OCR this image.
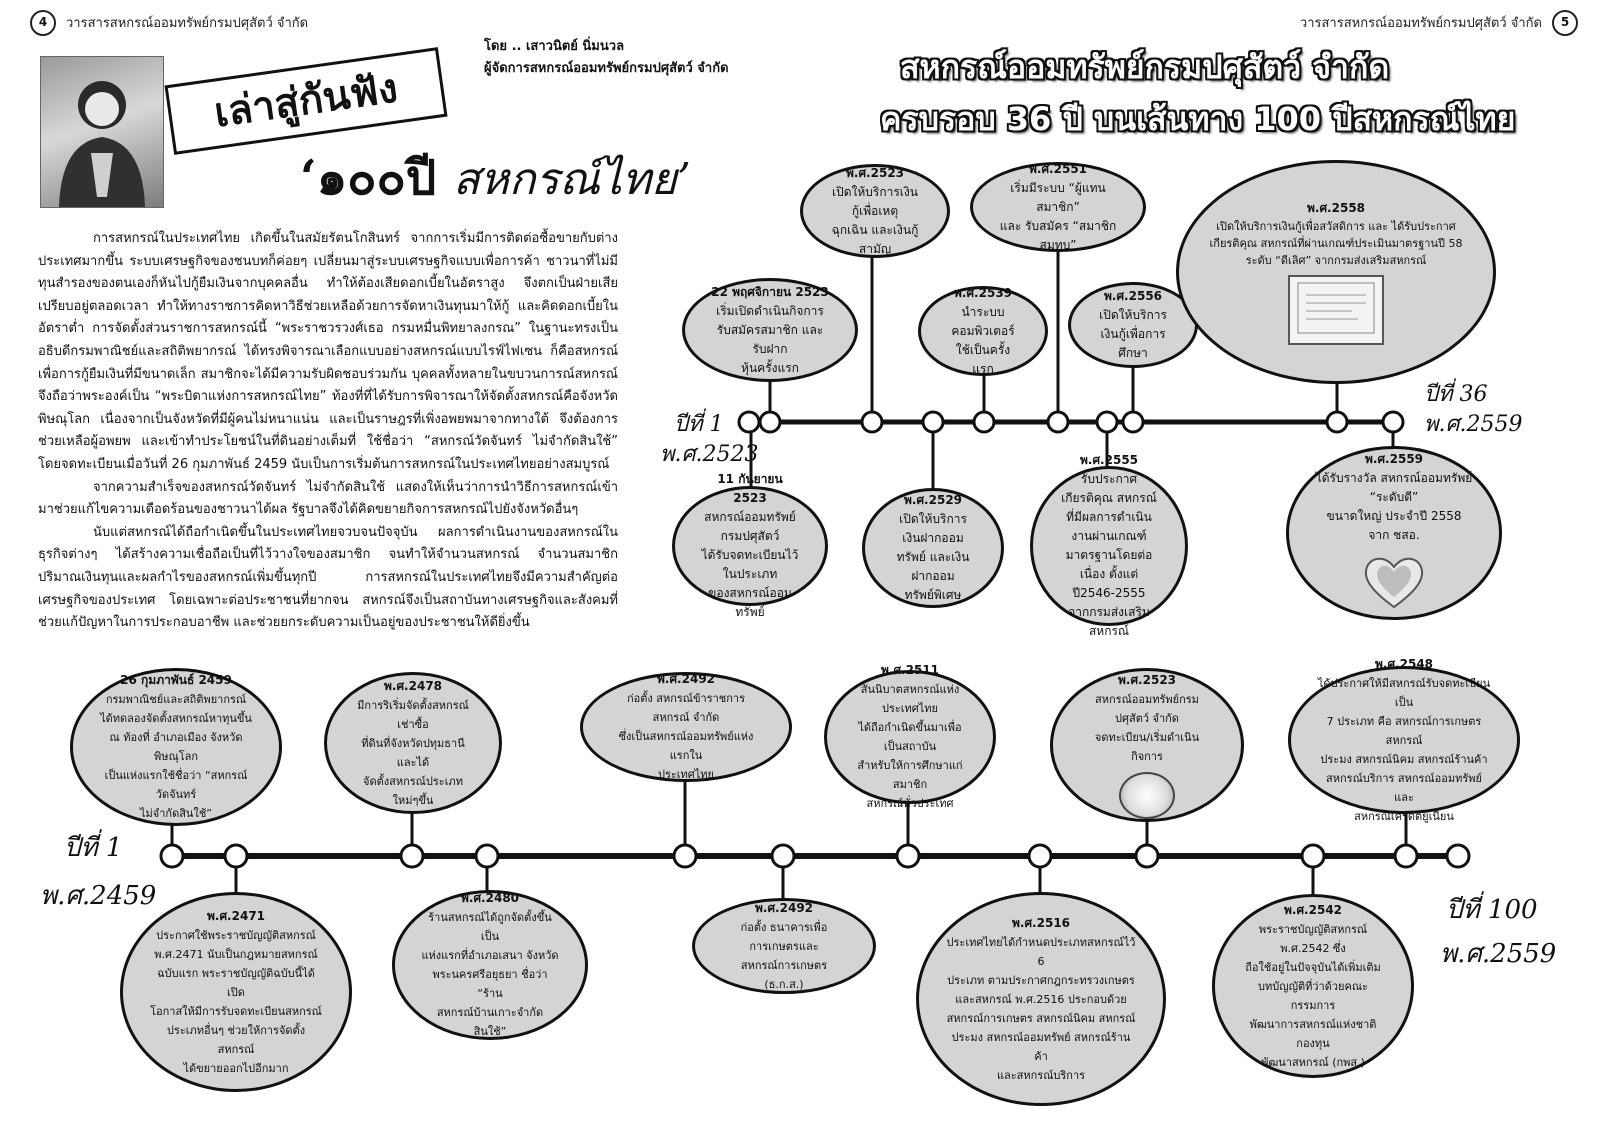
4	วารสารสหกรณ์ออมทรัพย์กรมปศุสัตว์ จำกัด	วารสารสหกรณ์ออมทรัพย์กรมปศุสัตว์ จำกัด	5
โดย .. เสาวนิตย์ นิ่มนวล
ผู้จัดการสหกรณ์ออมทรัพย์กรมปศุสัตว์ จำกัด
เล่าสู่กันฟัง
‘๑๐๐ปี สหกรณ์ไทย’

การสหกรณ์ในประเทศไทย เกิดขึ้นในสมัยรัตนโกสินทร์ จากการเริ่มมีการติดต่อซื้อขายกับต่างประเทศมากขึ้น ระบบเศรษฐกิจของชนบทก็ค่อยๆ เปลี่ยนมาสู่ระบบเศรษฐกิจแบบเพื่อการค้า ชาวนาที่ไม่มีทุนสำรองของตนเองก็หันไปกู้ยืมเงินจากบุคคลอื่น ทำให้ต้องเสียดอกเบี้ยในอัตราสูง จึงตกเป็นฝ่ายเสียเปรียบอยู่ตลอดเวลา ทำให้ทางราชการคิดหาวิธีช่วยเหลือด้วยการจัดหาเงินทุนมาให้กู้ และคิดดอกเบี้ยในอัตราต่ำ การจัดตั้งส่วนราชการสหกรณ์นี้ “พระราชวรวงศ์เธอ กรมหมื่นพิทยาลงกรณ” ในฐานะทรงเป็นอธิบดีกรมพาณิชย์และสถิติพยากรณ์ ได้ทรงพิจารณาเลือกแบบอย่างสหกรณ์แบบไรฟ์ไฟเซน ก็คือสหกรณ์เพื่อการกู้ยืมเงินที่มีขนาดเล็ก สมาชิกจะได้มีความรับผิดชอบร่วมกัน บุคคลทั้งหลายในขบวนการณ์สหกรณ์ จึงถือว่าพระองค์เป็น “พระบิดาแห่งการสหกรณ์ไทย” ท้องที่ที่ได้รับการพิจารณาให้จัดตั้งสหกรณ์คือจังหวัดพิษณุโลก เนื่องจากเป็นจังหวัดที่มีผู้คนไม่หนาแน่น และเป็นราษฎรที่เพิ่งอพยพมาจากทางใต้ จึงต้องการช่วยเหลือผู้อพยพ และเข้าทำประโยชน์ในที่ดินอย่างเต็มที่ ใช้ชื่อว่า “สหกรณ์วัดจันทร์ ไม่จำกัดสินใช้” โดยจดทะเบียนเมื่อวันที่ 26 กุมภาพันธ์ 2459 นับเป็นการเริ่มต้นการสหกรณ์ในประเทศไทยอย่างสมบูรณ์

จากความสำเร็จของสหกรณ์วัดจันทร์ ไม่จำกัดสินใช้ แสดงให้เห็นว่าการนำวิธีการสหกรณ์เข้ามาช่วยแก้ไขความเดือดร้อนของชาวนาได้ผล รัฐบาลจึงได้คิดขยายกิจการสหกรณ์ไปยังจังหวัดอื่นๆ

นับแต่สหกรณ์ได้ถือกำเนิดขึ้นในประเทศไทยจวบจนปัจจุบัน ผลการดำเนินงานของสหกรณ์ในธุรกิจต่างๆ ได้สร้างความเชื่อถือเป็นที่ไว้วางใจของสมาชิก จนทำให้จำนวนสหกรณ์ จำนวนสมาชิก ปริมาณเงินทุนและผลกำไรของสหกรณ์เพิ่มขึ้นทุกปี การสหกรณ์ในประเทศไทยจึงมีความสำคัญต่อเศรษฐกิจของประเทศ โดยเฉพาะต่อประชาชนที่ยากจน สหกรณ์จึงเป็นสถาบันทางเศรษฐกิจและสังคมที่ช่วยแก้ปัญหาในการประกอบอาชีพ และช่วยยกระดับความเป็นอยู่ของประชาชนให้ดียิ่งขึ้น

สหกรณ์ออมทรัพย์กรมปศุสัตว์ จำกัด
ครบรอบ 36 ปี บนเส้นทาง 100 ปีสหกรณ์ไทย
ปีที่ 1
พ.ศ.2523
ปีที่ 36
พ.ศ.2559
พ.ศ.2523
เปิดให้บริการเงินกู้เพื่อเหตุ
ฉุกเฉิน และเงินกู้สามัญ
22 พฤศจิกายน 2523
เริ่มเปิดดำเนินกิจการ
รับสมัครสมาชิก และรับฝาก
หุ้นครั้งแรก
พ.ศ.2551
เริ่มมีระบบ “ผู้แทนสมาชิก”
และ รับสมัคร “สมาชิกสมทบ”
พ.ศ.2539
นำระบบคอมพิวเตอร์
ใช้เป็นครั้งแรก
พ.ศ.2556
เปิดให้บริการ
เงินกู้เพื่อการศึกษา
พ.ศ.2558
เปิดให้บริการเงินกู้เพื่อสวัสดิการ และ ได้รับประกาศ
เกียรติคุณ สหกรณ์ที่ผ่านเกณฑ์ประเมินมาตรฐานปี 58
ระดับ “ดีเลิศ” จากกรมส่งเสริมสหกรณ์
11 กันยายน 2523
สหกรณ์ออมทรัพย์กรมปศุสัตว์
ได้รับจดทะเบียนไว้ในประเภท
ของสหกรณ์ออมทรัพย์
พ.ศ.2529
เปิดให้บริการเงินฝากออม
ทรัพย์ และเงินฝากออม
ทรัพย์พิเศษ
พ.ศ.2555
รับประกาศเกียรติคุณ สหกรณ์
ที่มีผลการดำเนินงานผ่านเกณฑ์
มาตรฐานโดยต่อเนื่อง ตั้งแต่
ปี2546-2555
จากกรมส่งเสริมสหกรณ์
พ.ศ.2559
ได้รับรางวัล สหกรณ์ออมทรัพย์ “ระดับดี”
ขนาดใหญ่ ประจำปี 2558 จาก ชสอ.
ปีที่ 1
พ.ศ.2459	ปีที่ 100
พ.ศ.2559
26 กุมภาพันธ์ 2459
กรมพาณิชย์และสถิติพยากรณ์
ได้ทดลองจัดตั้งสหกรณ์หาทุนขึ้น
ณ ท้องที่ อำเภอเมือง จังหวัดพิษณุโลก
เป็นแห่งแรกใช้ชื่อว่า “สหกรณ์วัดจันทร์
ไม่จำกัดสินใช้”
พ.ศ.2478
มีการริเริ่มจัดตั้งสหกรณ์เช่าซื้อ
ที่ดินที่จังหวัดปทุมธานี และได้
จัดตั้งสหกรณ์ประเภทใหม่ๆขึ้น
พ.ศ.2492
ก่อตั้ง สหกรณ์ข้าราชการสหกรณ์ จำกัด
ซึ่งเป็นสหกรณ์ออมทรัพย์แห่งแรกใน
ประเทศไทย
พ.ศ.2511
สันนิบาตสหกรณ์แห่งประเทศไทย
ได้ถือกำเนิดขึ้นมาเพื่อเป็นสถาบัน
สำหรับให้การศึกษาแก่สมาชิก
สหกรณ์ทั่วประเทศ
พ.ศ.2523
สหกรณ์ออมทรัพย์กรมปศุสัตว์ จำกัด
จดทะเบียน/เริ่มดำเนินกิจการ
พ.ศ.2548
ได้ประกาศให้มีสหกรณ์รับจดทะเบียนเป็น
7 ประเภท คือ สหกรณ์การเกษตร สหกรณ์
ประมง สหกรณ์นิคม สหกรณ์ร้านค้า
สหกรณ์บริการ สหกรณ์ออมทรัพย์ และ
สหกรณ์เครดิตยูเนี่ยน
พ.ศ.2471
ประกาศใช้พระราชบัญญัติสหกรณ์
พ.ศ.2471 นับเป็นกฎหมายสหกรณ์
ฉบับแรก พระราชบัญญัติฉบับนี้ได้เปิด
โอกาสให้มีการรับจดทะเบียนสหกรณ์
ประเภทอื่นๆ ช่วยให้การจัดตั้งสหกรณ์
ได้ขยายออกไปอีกมาก
พ.ศ.2480
ร้านสหกรณ์ได้ถูกจัดตั้งขึ้นเป็น
แห่งแรกที่อำเภอเสนา จังหวัด
พระนครศรีอยุธยา ชื่อว่า “ร้าน
สหกรณ์บ้านเกาะจำกัดสินใช้”
พ.ศ.2492
ก่อตั้ง ธนาคารเพื่อการเกษตรและ
สหกรณ์การเกษตร (ธ.ก.ส.)
พ.ศ.2516
ประเทศไทยได้กำหนดประเภทสหกรณ์ไว้ 6
ประเภท ตามประกาศกฎกระทรวงเกษตร
และสหกรณ์ พ.ศ.2516 ประกอบด้วย
สหกรณ์การเกษตร สหกรณ์นิคม สหกรณ์
ประมง สหกรณ์ออมทรัพย์ สหกรณ์ร้านค้า
และสหกรณ์บริการ
พ.ศ.2542
พระราชบัญญัติสหกรณ์ พ.ศ.2542 ซึ่ง
ถือใช้อยู่ในปัจจุบันได้เพิ่มเติม
บทบัญญัติที่ว่าด้วยคณะกรรมการ
พัฒนาการสหกรณ์แห่งชาติ กองทุน
พัฒนาสหกรณ์ (กพส.)
